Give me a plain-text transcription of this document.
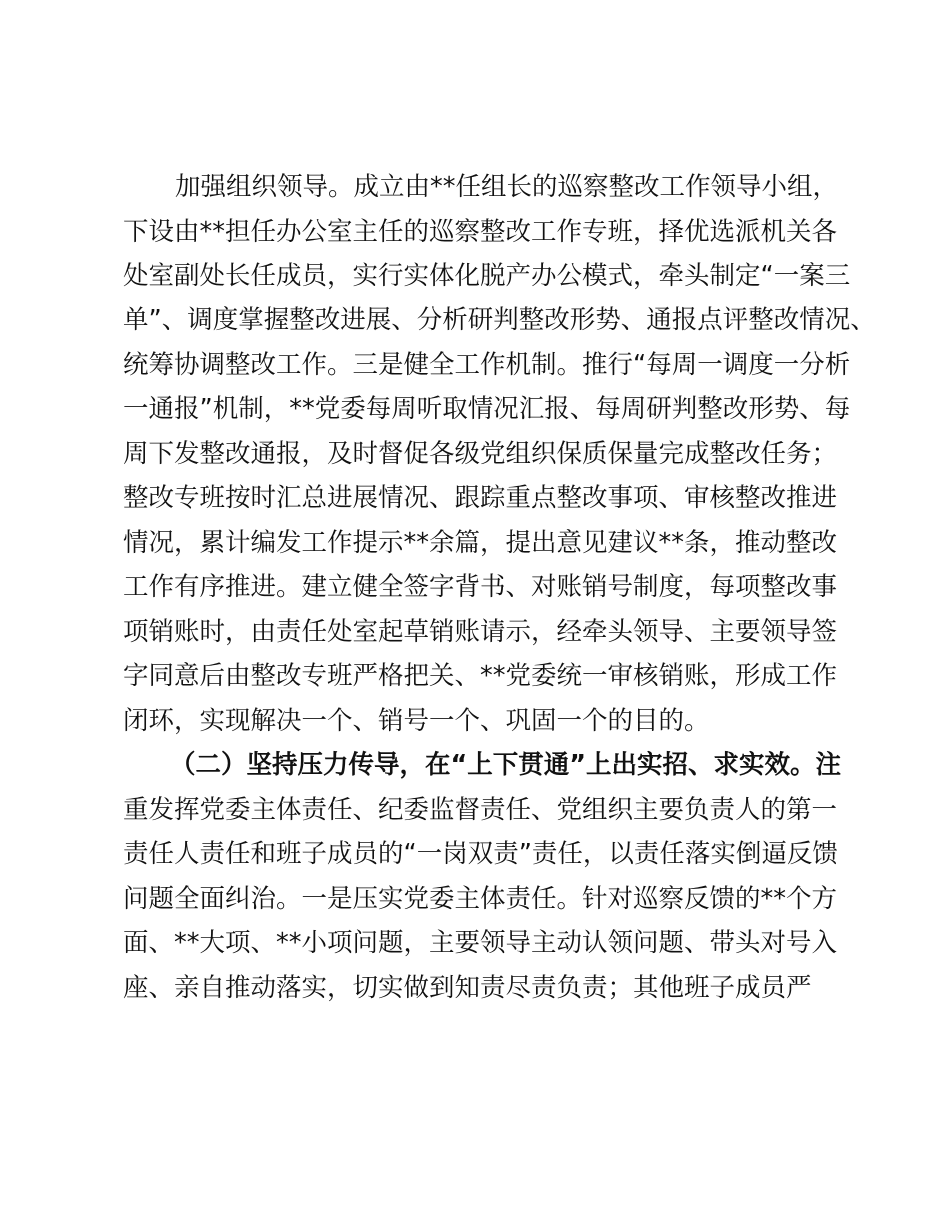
加强组织领导。成立由**任组长的巡察整改工作领导小组，
下设由**担任办公室主任的巡察整改工作专班，择优选派机关各
处室副处长任成员，实行实体化脱产办公模式，牵头制定“一案三
单”、调度掌握整改进展、分析研判整改形势、通报点评整改情况、
统筹协调整改工作。三是健全工作机制。推行“每周一调度一分析
一通报”机制，**党委每周听取情况汇报、每周研判整改形势、每
周下发整改通报，及时督促各级党组织保质保量完成整改任务；
整改专班按时汇总进展情况、跟踪重点整改事项、审核整改推进
情况，累计编发工作提示**余篇，提出意见建议**条，推动整改
工作有序推进。建立健全签字背书、对账销号制度，每项整改事
项销账时，由责任处室起草销账请示，经牵头领导、主要领导签
字同意后由整改专班严格把关、**党委统一审核销账，形成工作
闭环，实现解决一个、销号一个、巩固一个的目的。
（二）坚持压力传导，在“上下贯通”上出实招、求实效。注
重发挥党委主体责任、纪委监督责任、党组织主要负责人的第一
责任人责任和班子成员的“一岗双责”责任，以责任落实倒逼反馈
问题全面纠治。一是压实党委主体责任。针对巡察反馈的**个方
面、**大项、**小项问题，主要领导主动认领问题、带头对号入
座、亲自推动落实，切实做到知责尽责负责；其他班子成员严
